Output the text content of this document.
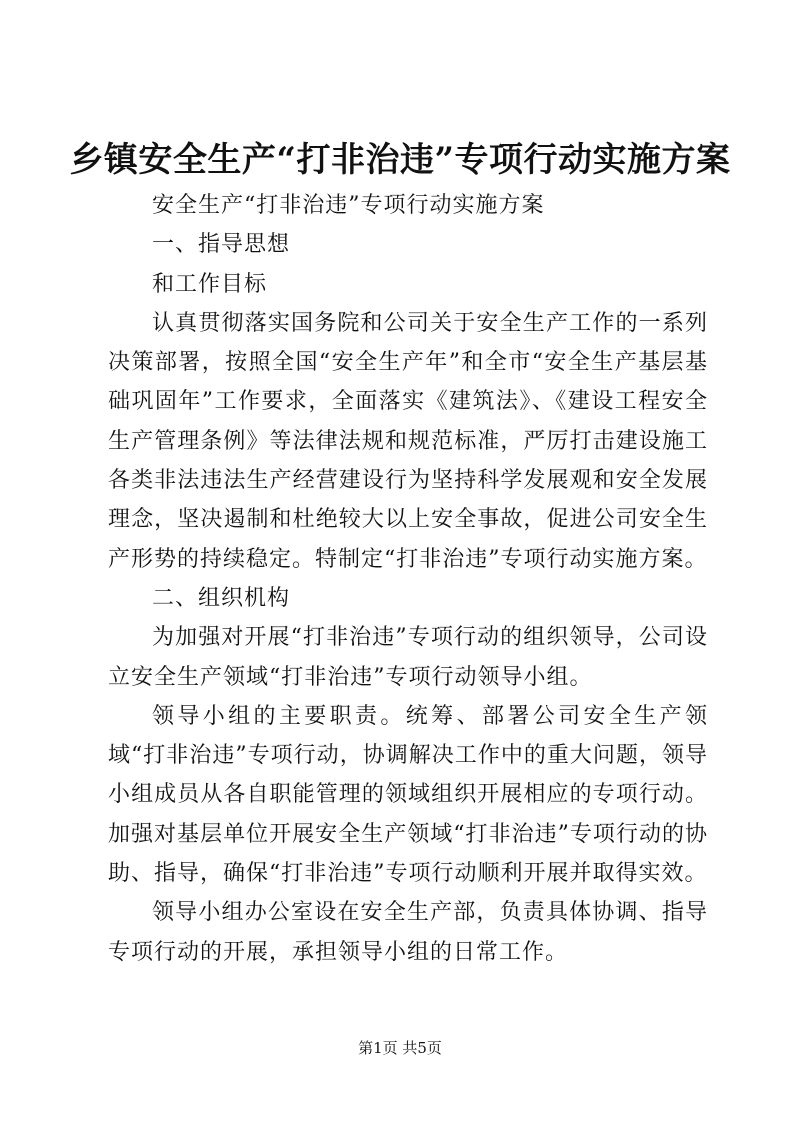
乡镇安全生产“打非治违”专项行动实施方案

安全生产“打非治违”专项行动实施方案

一、指导思想

和工作目标

认真贯彻落实国务院和公司关于安全生产工作的一系列决策部署，按照全国“安全生产年”和全市“安全生产基层基础巩固年”工作要求，全面落实《建筑法》、《建设工程安全生产管理条例》等法律法规和规范标准，严厉打击建设施工各类非法违法生产经营建设行为坚持科学发展观和安全发展理念，坚决遏制和杜绝较大以上安全事故，促进公司安全生产形势的持续稳定。特制定“打非治违”专项行动实施方案。

二、组织机构

为加强对开展“打非治违”专项行动的组织领导，公司设立安全生产领域“打非治违”专项行动领导小组。

领导小组的主要职责。统筹、部署公司安全生产领域“打非治违”专项行动，协调解决工作中的重大问题，领导小组成员从各自职能管理的领域组织开展相应的专项行动。加强对基层单位开展安全生产领域“打非治违”专项行动的协助、指导，确保“打非治违”专项行动顺利开展并取得实效。

领导小组办公室设在安全生产部，负责具体协调、指导专项行动的开展，承担领导小组的日常工作。

第1页 共5页
